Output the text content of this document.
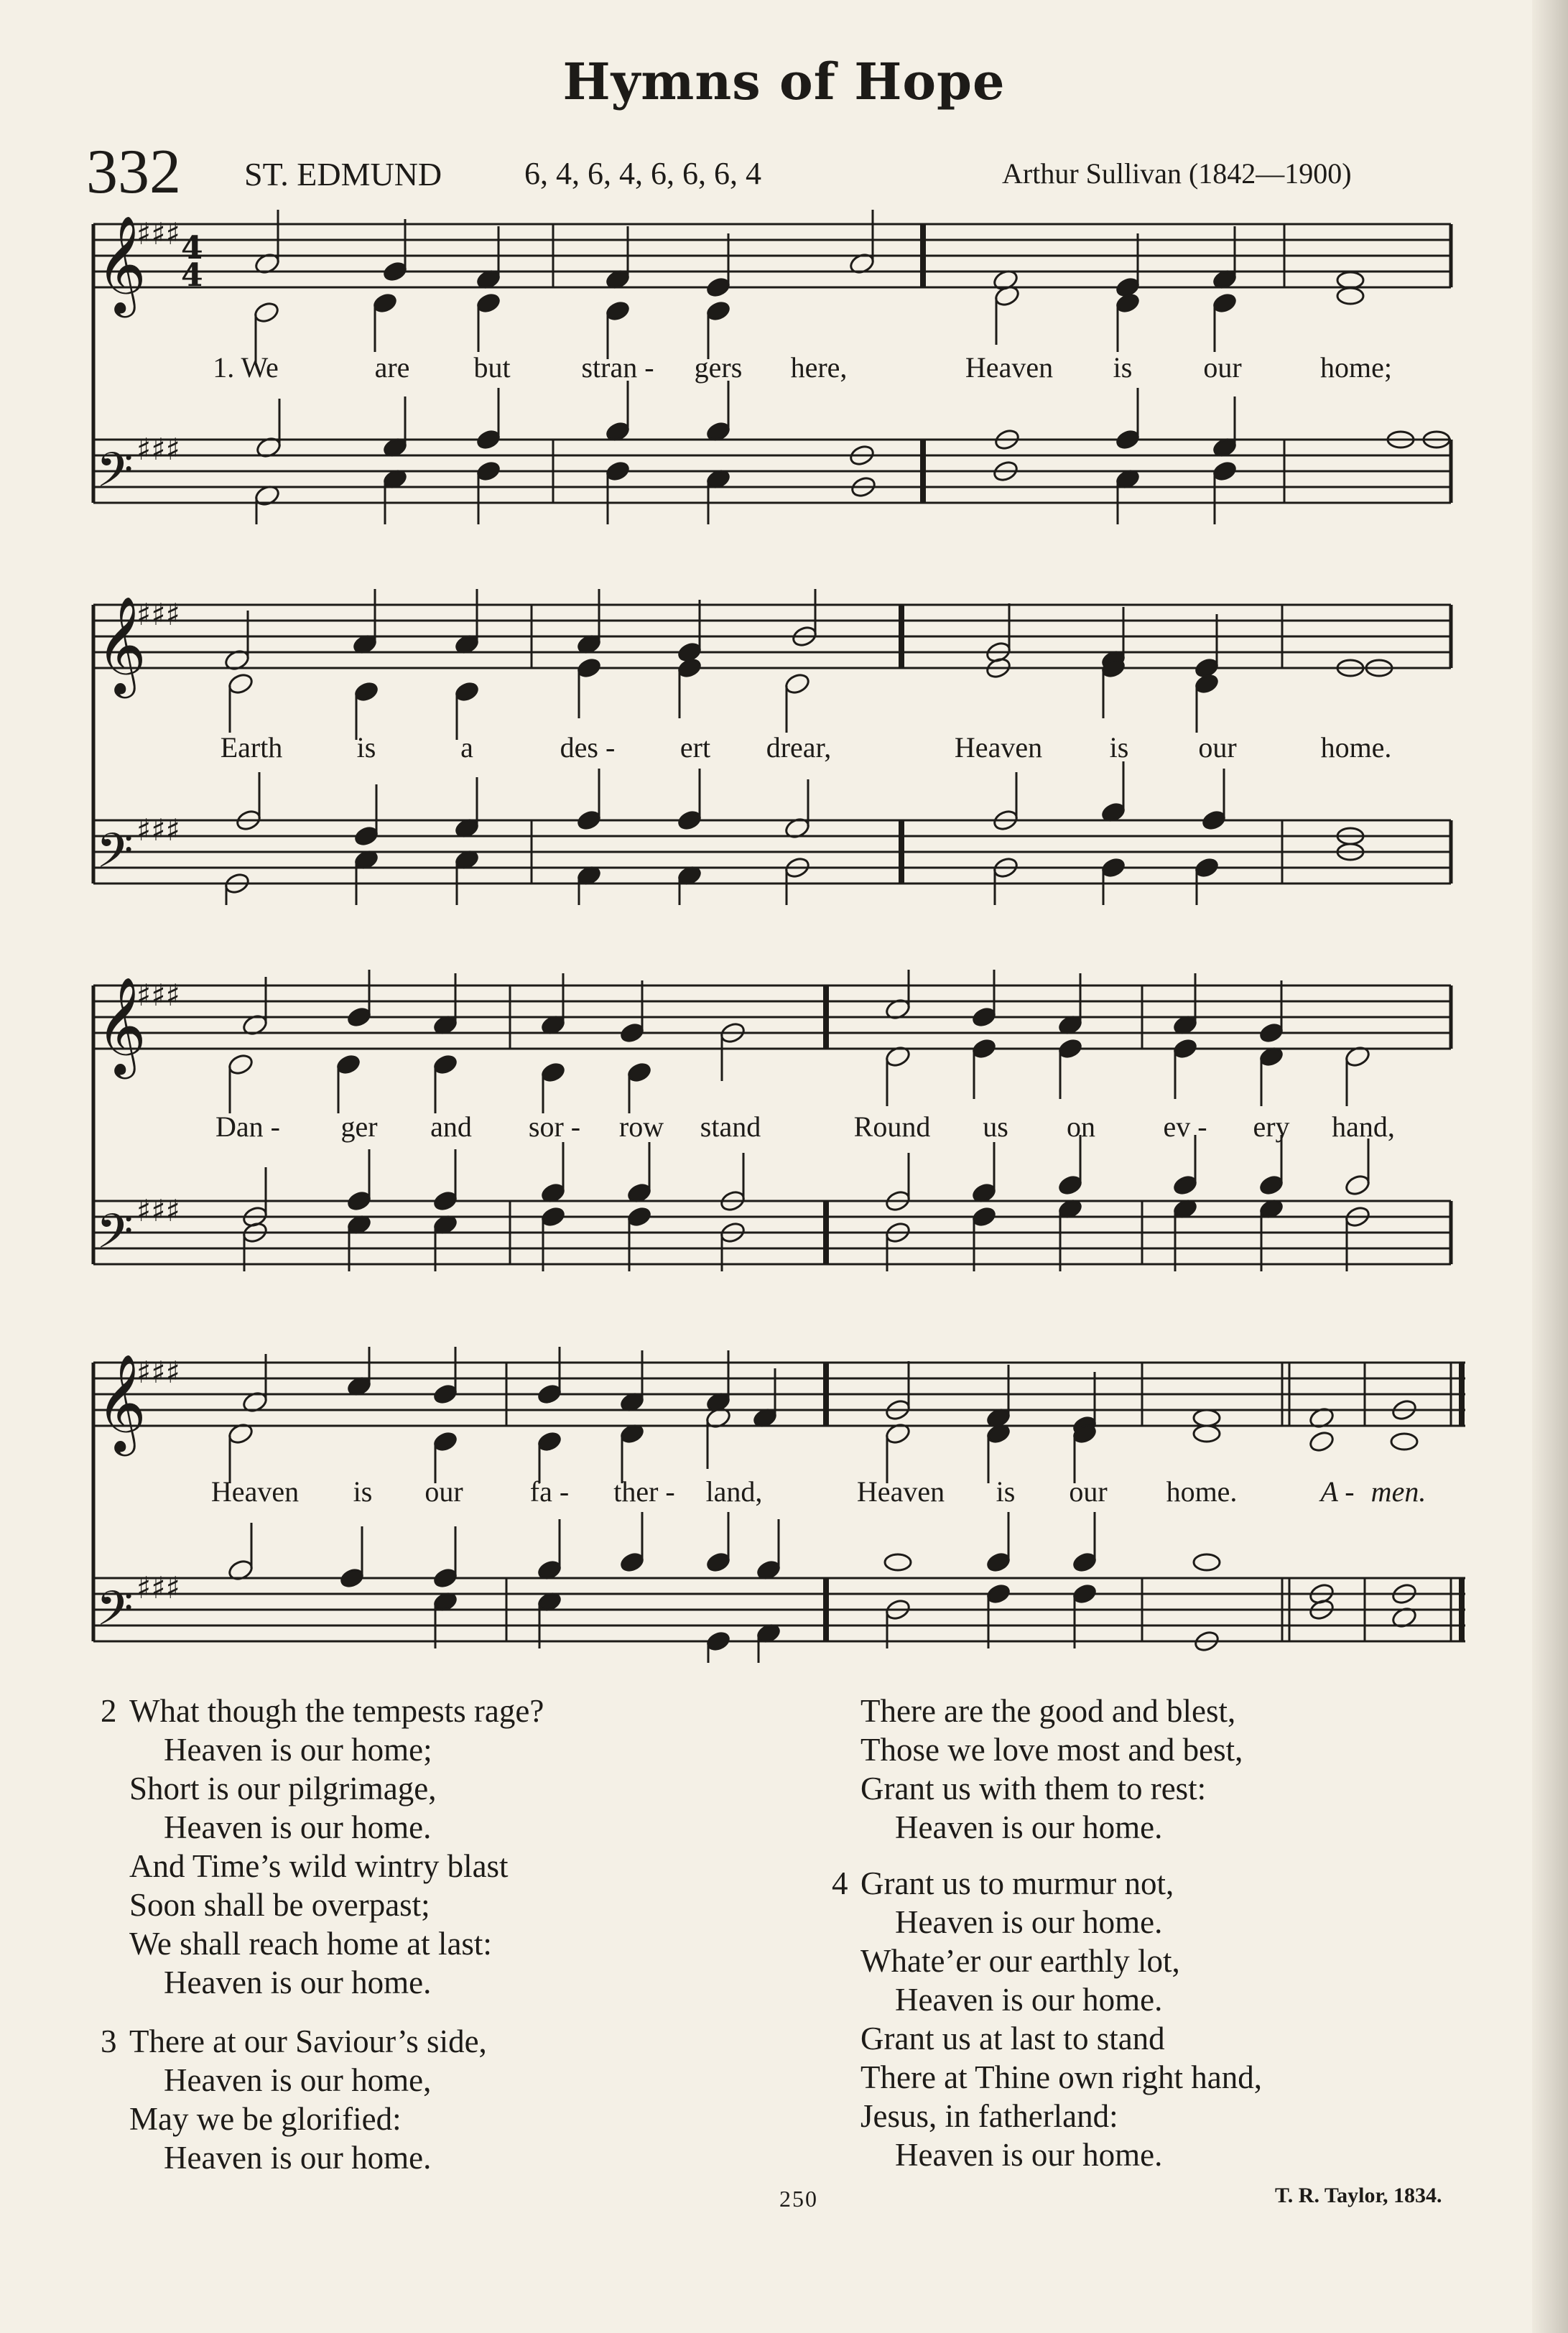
Hymns of Hope
332 ST. EDMUND	6, 4, 6, 4, 6, 6, 6, 4	Arthur Sullivan (1842—1900)
𝄞
𝄢
♯♯♯
♯♯♯
4
4
1. We	are but stran - gers here,	Heaven is our	home;
𝄞
𝄢
♯♯♯
♯♯♯
Earth	is	a	des - ert drear,	Heaven is our	home.
𝄞
𝄢
♯♯♯
♯♯♯
Dan - ger and sor - row stand	Round us on ev - ery hand,
𝄞
𝄢
♯♯♯
♯♯♯
Heaven is our fa - ther - land,	Heaven is our home.	A - men.
2 What though the tempests rage?
Heaven is our home;
Short is our pilgrimage,
Heaven is our home.
And Time’s wild wintry blast
Soon shall be overpast;
We shall reach home at last:
Heaven is our home.
3 There at our Saviour’s side,
Heaven is our home,
May we be glorified:
Heaven is our home.
There are the good and blest,
Those we love most and best,
Grant us with them to rest:
Heaven is our home.
4 Grant us to murmur not,
Heaven is our home.
Whate’er our earthly lot,
Heaven is our home.
Grant us at last to stand
There at Thine own right hand,
Jesus, in fatherland:
Heaven is our home.
250	T. R. Taylor, 1834.
